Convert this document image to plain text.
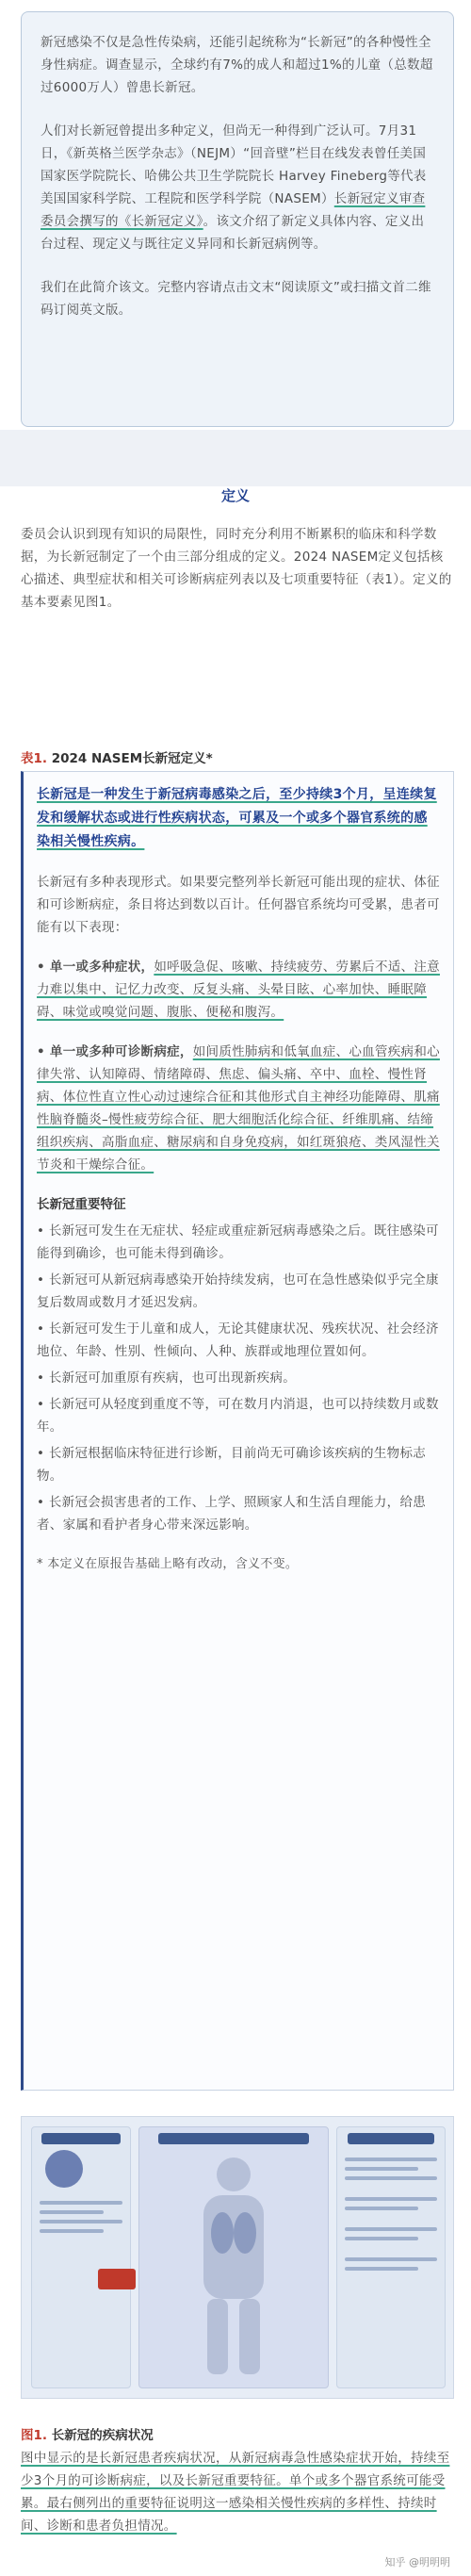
新冠感染不仅是急性传染病，还能引起统称为“长新冠”的各种慢性全身性病症。调查显示，全球约有7%的成人和超过1%的儿童（总数超过6000万人）曾患长新冠。

人们对长新冠曾提出多种定义，但尚无一种得到广泛认可。7月31日，《新英格兰医学杂志》（NEJM）“回音壁”栏目在线发表曾任美国国家医学院院长、哈佛公共卫生学院院长 Harvey Fineberg等代表美国国家科学院、工程院和医学科学院（NASEM）长新冠定义审查委员会撰写的《长新冠定义》。该文介绍了新定义具体内容、定义出台过程、现定义与既往定义异同和长新冠病例等。

我们在此简介该文。完整内容请点击文末“阅读原文”或扫描文首二维码订阅英文版。

定义

委员会认识到现有知识的局限性，同时充分利用不断累积的临床和科学数据，为长新冠制定了一个由三部分组成的定义。2024 NASEM定义包括核心描述、典型症状和相关可诊断病症列表以及七项重要特征（表1）。定义的基本要素见图1。

表1. 2024 NASEM长新冠定义*

长新冠是一种发生于新冠病毒感染之后，至少持续3个月，呈连续复发和缓解状态或进行性疾病状态，可累及一个或多个器官系统的感染相关慢性疾病。

长新冠有多种表现形式。如果要完整列举长新冠可能出现的症状、体征和可诊断病症，条目将达到数以百计。任何器官系统均可受累，患者可能有以下表现：

• 单一或多种症状，如呼吸急促、咳嗽、持续疲劳、劳累后不适、注意力难以集中、记忆力改变、反复头痛、头晕目眩、心率加快、睡眠障碍、味觉或嗅觉问题、腹胀、便秘和腹泻。

• 单一或多种可诊断病症，如间质性肺病和低氧血症、心血管疾病和心律失常、认知障碍、情绪障碍、焦虑、偏头痛、卒中、血栓、慢性肾病、体位性直立性心动过速综合征和其他形式自主神经功能障碍、肌痛性脑脊髓炎–慢性疲劳综合征、肥大细胞活化综合征、纤维肌痛、结缔组织疾病、高脂血症、糖尿病和自身免疫病，如红斑狼疮、类风湿性关节炎和干燥综合征。

长新冠重要特征
• 长新冠可发生在无症状、轻症或重症新冠病毒感染之后。既往感染可能得到确诊，也可能未得到确诊。
• 长新冠可从新冠病毒感染开始持续发病，也可在急性感染似乎完全康复后数周或数月才延迟发病。
• 长新冠可发生于儿童和成人，无论其健康状况、残疾状况、社会经济地位、年龄、性别、性倾向、人种、族群或地理位置如何。
• 长新冠可加重原有疾病，也可出现新疾病。
• 长新冠可从轻度到重度不等，可在数月内消退，也可以持续数月或数年。
• 长新冠根据临床特征进行诊断，目前尚无可确诊该疾病的生物标志物。
• 长新冠会损害患者的工作、上学、照顾家人和生活自理能力，给患者、家属和看护者身心带来深远影响。

* 本定义在原报告基础上略有改动，含义不变。

图1. 长新冠的疾病状况

图中显示的是长新冠患者疾病状况，从新冠病毒急性感染症状开始，持续至少3个月的可诊断病症，以及长新冠重要特征。单个或多个器官系统可能受累。最右侧列出的重要特征说明这一感染相关慢性疾病的多样性、持续时间、诊断和患者负担情况。

知乎 @明明明
